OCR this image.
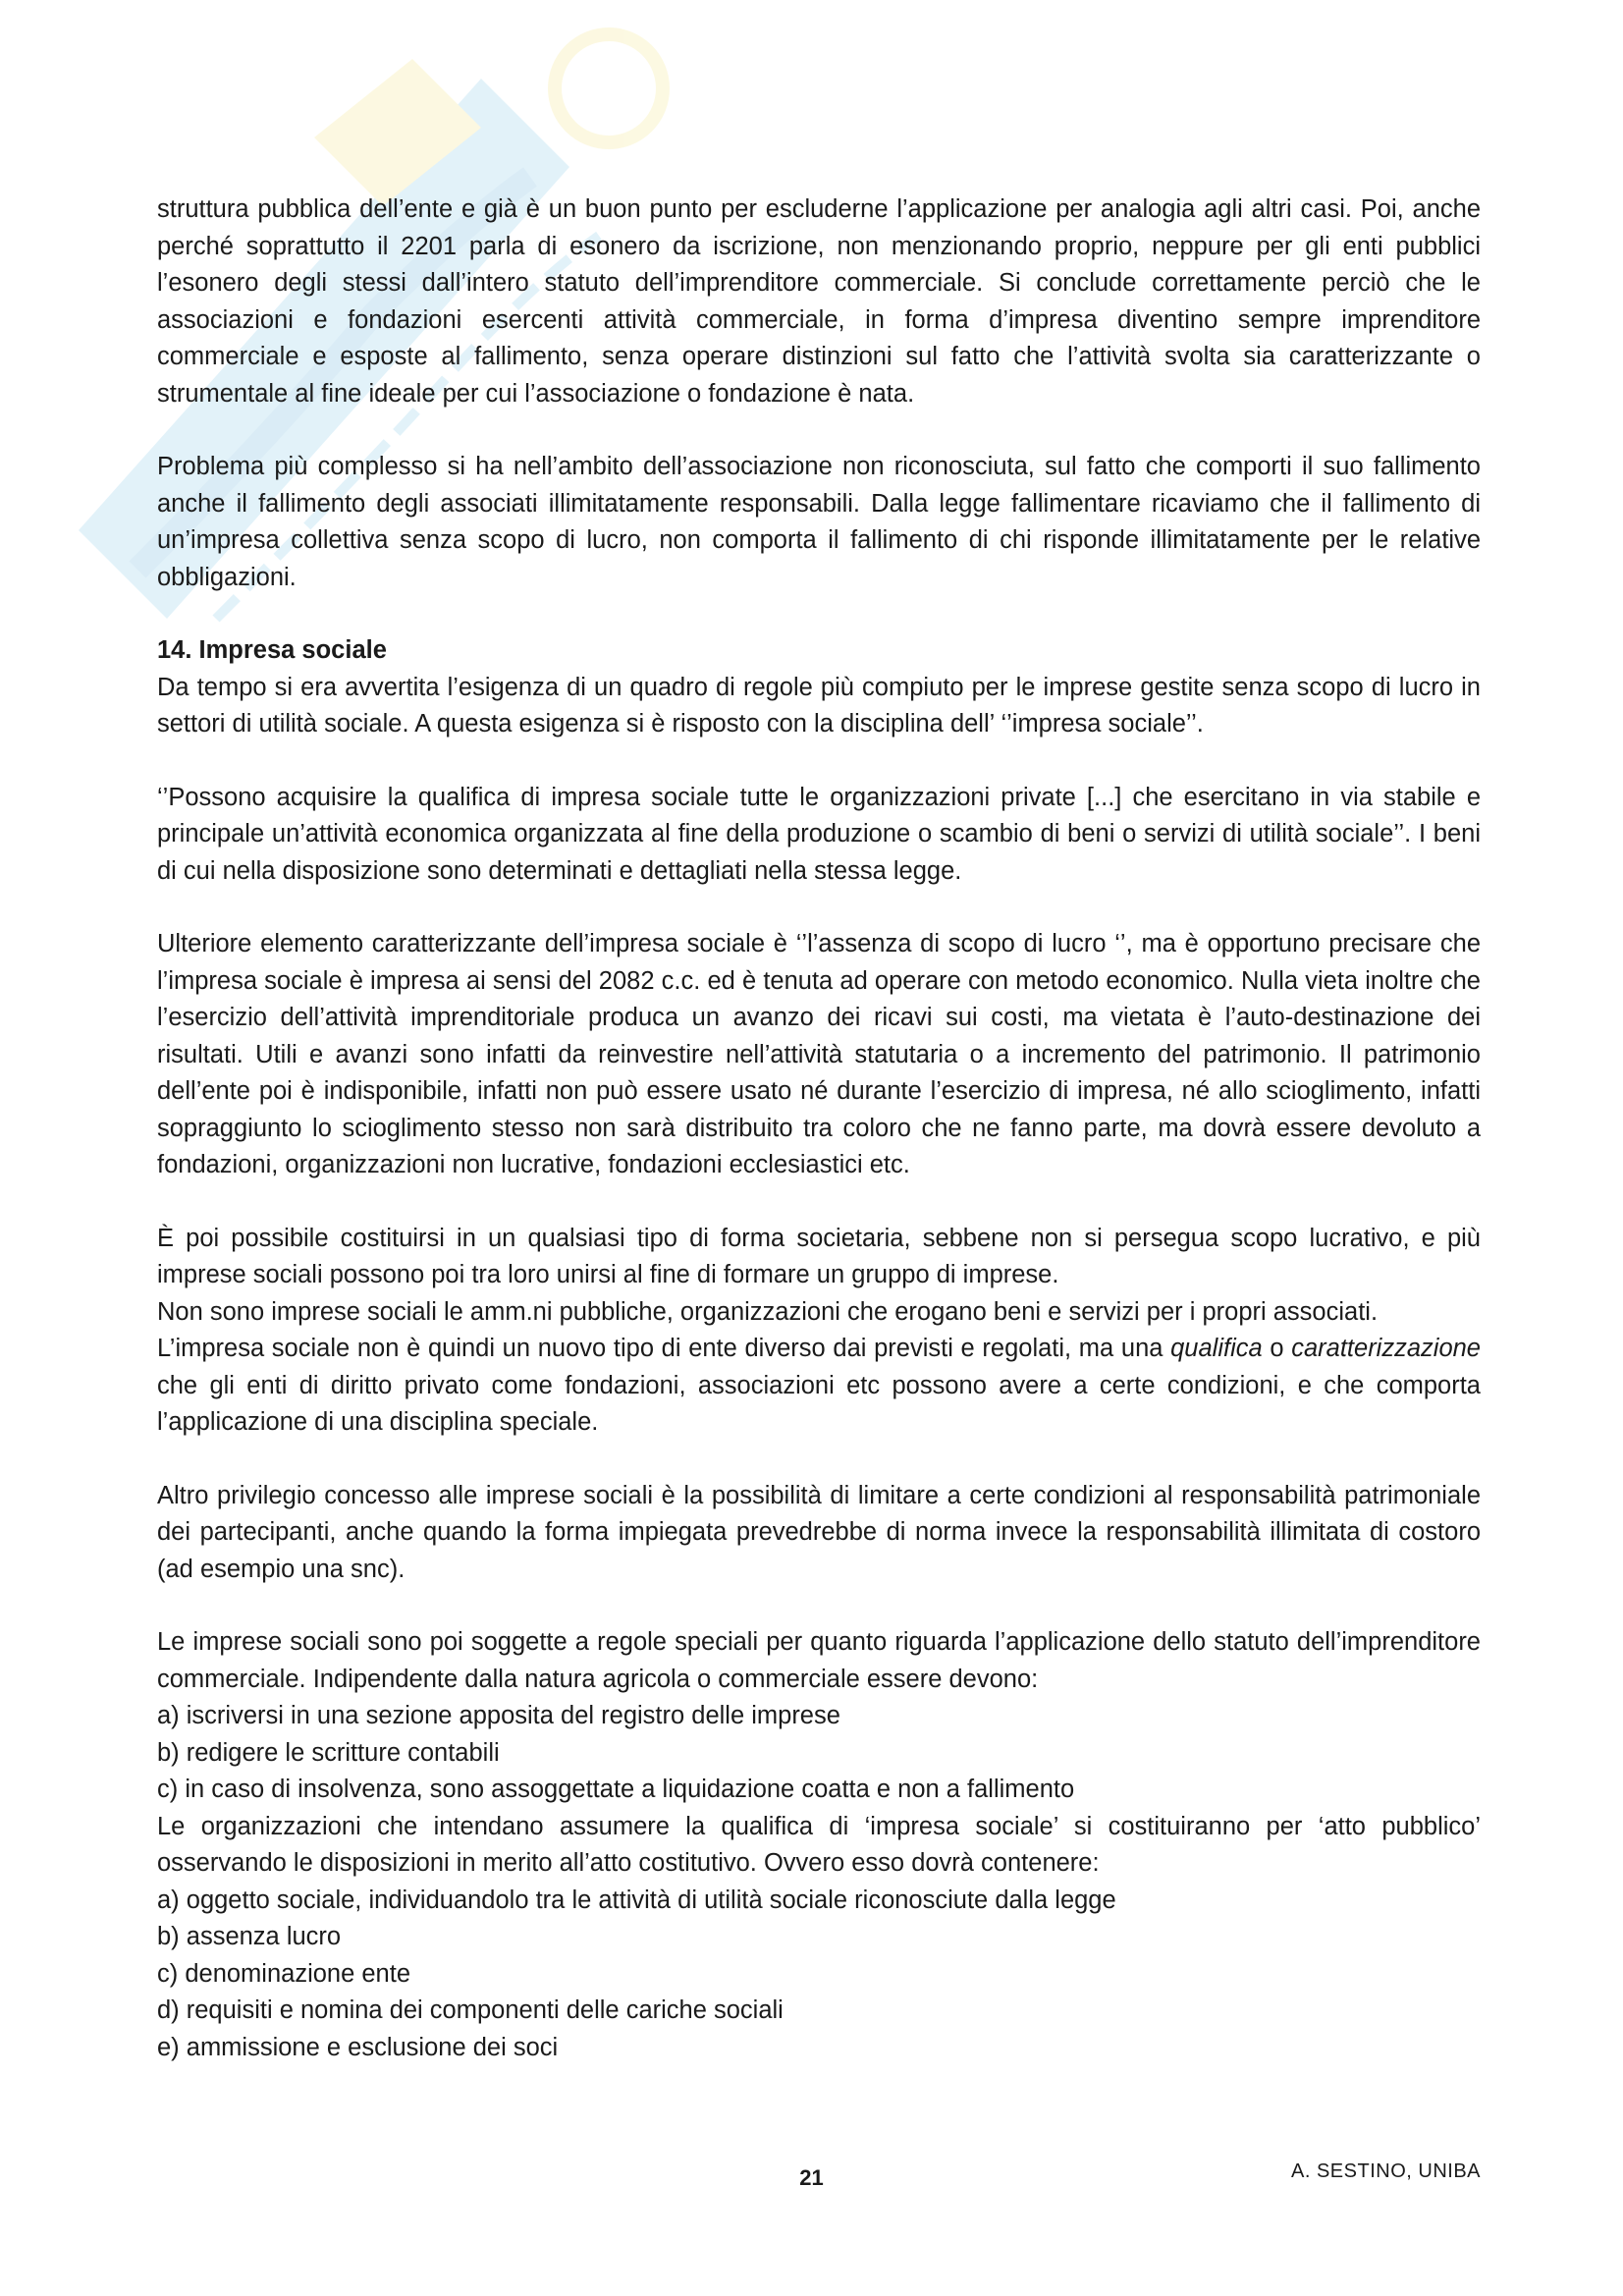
struttura pubblica dell’ente e già è un buon punto per escluderne l’applicazione per analogia agli altri casi. Poi, anche perché soprattutto il 2201 parla di esonero da iscrizione, non menzionando proprio, neppure per gli enti pubblici l’esonero degli stessi dall’intero statuto dell’imprenditore commerciale. Si conclude correttamente perciò che le associazioni e fondazioni esercenti attività commerciale, in forma d’impresa diventino sempre imprenditore commerciale e esposte al fallimento, senza operare distinzioni sul fatto che l’attività svolta sia caratterizzante o strumentale al fine ideale per cui l’associazione o fondazione è nata.

Problema più complesso si ha nell’ambito dell’associazione non riconosciuta, sul fatto che comporti il suo fallimento anche il fallimento degli associati illimitatamente responsabili. Dalla legge fallimentare ricaviamo che il fallimento di un’impresa collettiva senza scopo di lucro, non comporta il fallimento di chi risponde illimitatamente per le relative obbligazioni.

14. Impresa sociale

Da tempo si era avvertita l’esigenza di un quadro di regole più compiuto per le imprese gestite senza scopo di lucro in settori di utilità sociale. A questa esigenza si è risposto con la disciplina dell’ ‘’impresa sociale’’.

‘’Possono acquisire la qualifica di impresa sociale tutte le organizzazioni private [...] che esercitano in via stabile e principale un’attività economica organizzata al fine della produzione o scambio di beni o servizi di utilità sociale’’. I beni di cui nella disposizione sono determinati e dettagliati nella stessa legge.

Ulteriore elemento caratterizzante dell’impresa sociale è ‘’l’assenza di scopo di lucro ‘’, ma è opportuno precisare che l’impresa sociale è impresa ai sensi del 2082 c.c. ed è tenuta ad operare con metodo economico. Nulla vieta inoltre che l’esercizio dell’attività imprenditoriale produca un avanzo dei ricavi sui costi, ma vietata è l’auto-destinazione dei risultati. Utili e avanzi sono infatti da reinvestire nell’attività statutaria o a incremento del patrimonio. Il patrimonio dell’ente poi è indisponibile, infatti non può essere usato né durante l’esercizio di impresa, né allo scioglimento, infatti sopraggiunto lo scioglimento stesso non sarà distribuito tra coloro che ne fanno parte, ma dovrà essere devoluto a fondazioni, organizzazioni non lucrative, fondazioni ecclesiastici etc.

È poi possibile costituirsi in un qualsiasi tipo di forma societaria, sebbene non si persegua scopo lucrativo, e più imprese sociali possono poi tra loro unirsi al fine di formare un gruppo di imprese.

Non sono imprese sociali le amm.ni pubbliche, organizzazioni che erogano beni e servizi per i propri associati.

L’impresa sociale non è quindi un nuovo tipo di ente diverso dai previsti e regolati, ma una qualifica o caratterizzazione che gli enti di diritto privato come fondazioni, associazioni etc possono avere a certe condizioni, e che comporta l’applicazione di una disciplina speciale.

Altro privilegio concesso alle imprese sociali è la possibilità di limitare a certe condizioni al responsabilità patrimoniale dei partecipanti, anche quando la forma impiegata prevedrebbe di norma invece la responsabilità illimitata di costoro (ad esempio una snc).

Le imprese sociali sono poi soggette a regole speciali per quanto riguarda l’applicazione dello statuto dell’imprenditore commerciale. Indipendente dalla natura agricola o commerciale essere devono:

a) iscriversi in una sezione apposita del registro delle imprese

b) redigere le scritture contabili

c) in caso di insolvenza, sono assoggettate a liquidazione coatta e non a fallimento

Le organizzazioni che intendano assumere la qualifica di ‘impresa sociale’ si costituiranno per ‘atto pubblico’ osservando le disposizioni in merito all’atto costitutivo. Ovvero esso dovrà contenere:

a) oggetto sociale, individuandolo tra le attività di utilità sociale riconosciute dalla legge

b) assenza lucro

c) denominazione ente

d) requisiti e nomina dei componenti delle cariche sociali

e) ammissione e esclusione dei soci

21	A. SESTINO, UNIBA
